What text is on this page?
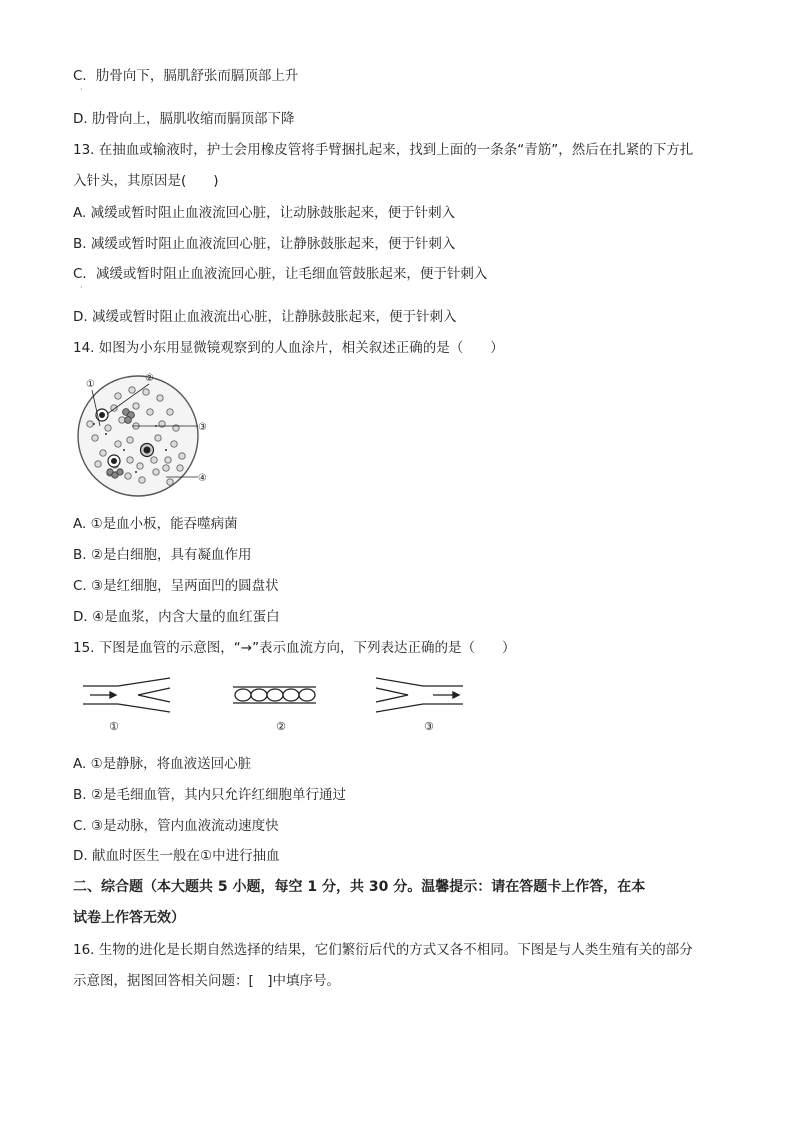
C．肋骨向下，膈肌舒张而膈顶部上升
·
D. 肋骨向上，膈肌收缩而膈顶部下降
13. 在抽血或输液时，护士会用橡皮管将手臂捆扎起来，找到上面的一条条“青筋”，然后在扎紧的下方扎
入针头，其原因是(　　)
A. 减缓或暂时阻止血液流回心脏，让动脉鼓胀起来，便于针刺入
B. 减缓或暂时阻止血液流回心脏，让静脉鼓胀起来，便于针刺入
C．减缓或暂时阻止血液流回心脏，让毛细血管鼓胀起来，便于针刺入
·
D. 减缓或暂时阻止血液流出心脏，让静脉鼓胀起来，便于针刺入
14. 如图为小东用显微镜观察到的人血涂片，相关叙述正确的是（　　）
①
②
③
④
A. ①是血小板，能吞噬病菌
B. ②是白细胞，具有凝血作用
C. ③是红细胞，呈两面凹的圆盘状
D. ④是血浆，内含大量的血红蛋白
15. 下图是血管的示意图，“→”表示血流方向，下列表达正确的是（　　）
①	②	③
A. ①是静脉，将血液送回心脏
B. ②是毛细血管，其内只允许红细胞单行通过
C. ③是动脉，管内血液流动速度快
D. 献血时医生一般在①中进行抽血
二、综合题（本大题共 5 小题，每空 1 分，共 30 分。温馨提示：请在答题卡上作答，在本
试卷上作答无效）
16. 生物的进化是长期自然选择的结果，它们繁衍后代的方式又各不相同。下图是与人类生殖有关的部分
示意图，据图回答相关问题：[　]中填序号。
